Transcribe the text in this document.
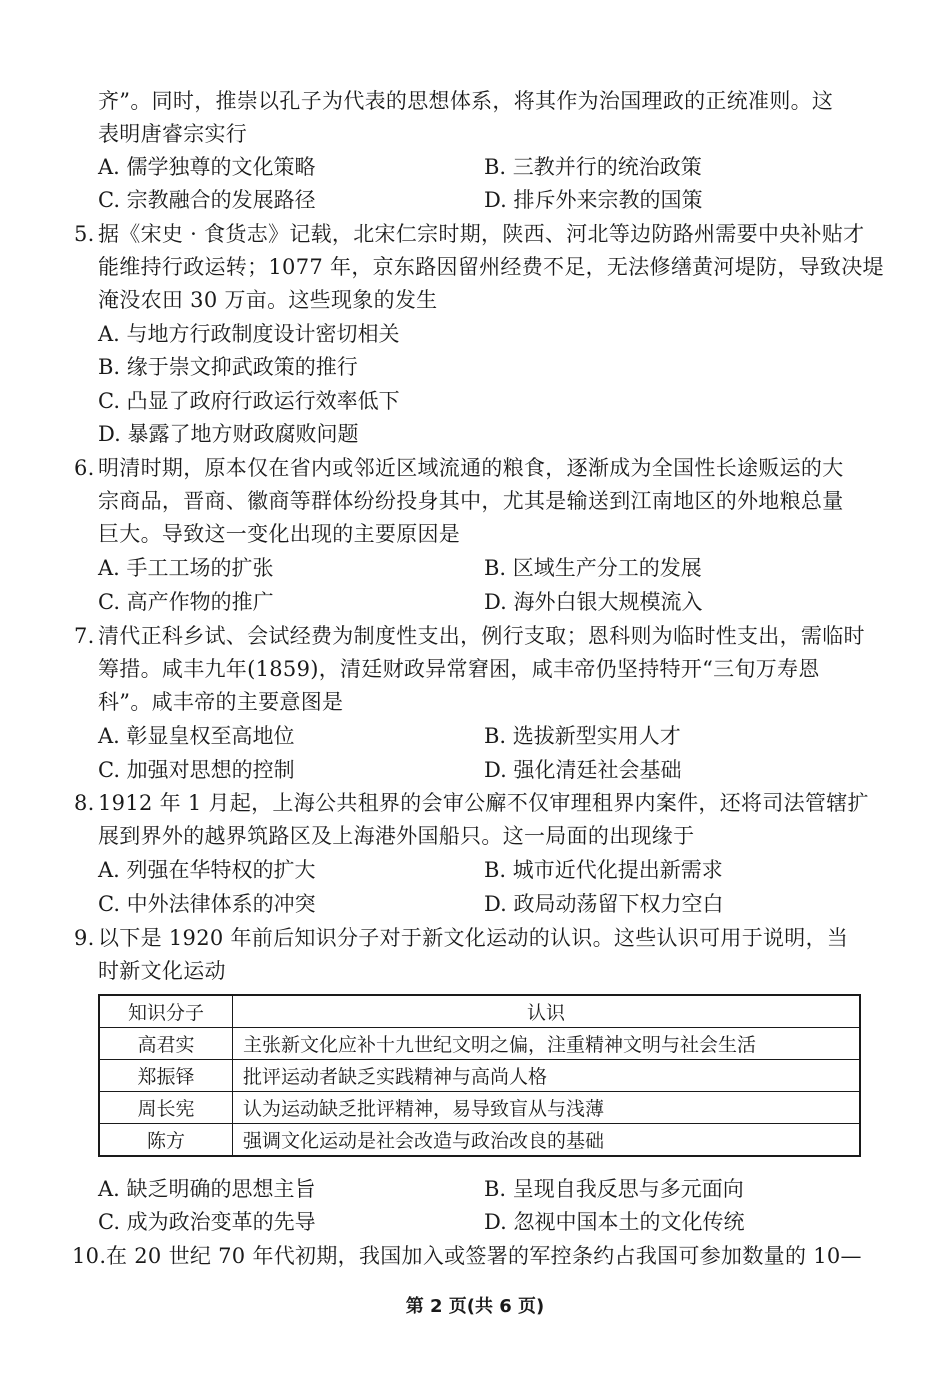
齐”。同时，推崇以孔子为代表的思想体系，将其作为治国理政的正统准则。这
表明唐睿宗实行
A. 儒学独尊的文化策略	B. 三教并行的统治政策
C. 宗教融合的发展路径	D. 排斥外来宗教的国策
5. 据《宋史 · 食货志》记载，北宋仁宗时期，陕西、河北等边防路州需要中央补贴才
能维持行政运转；1077 年，京东路因留州经费不足，无法修缮黄河堤防，导致决堤
淹没农田 30 万亩。这些现象的发生
A. 与地方行政制度设计密切相关
B. 缘于崇文抑武政策的推行
C. 凸显了政府行政运行效率低下
D. 暴露了地方财政腐败问题
6. 明清时期，原本仅在省内或邻近区域流通的粮食，逐渐成为全国性长途贩运的大
宗商品，晋商、徽商等群体纷纷投身其中，尤其是输送到江南地区的外地粮总量
巨大。导致这一变化出现的主要原因是
A. 手工工场的扩张	B. 区域生产分工的发展
C. 高产作物的推广	D. 海外白银大规模流入
7. 清代正科乡试、会试经费为制度性支出，例行支取；恩科则为临时性支出，需临时
筹措。咸丰九年(1859)，清廷财政异常窘困，咸丰帝仍坚持特开“三旬万寿恩
科”。咸丰帝的主要意图是
A. 彰显皇权至高地位	B. 选拔新型实用人才
C. 加强对思想的控制	D. 强化清廷社会基础
8. 1912 年 1 月起，上海公共租界的会审公廨不仅审理租界内案件，还将司法管辖扩
展到界外的越界筑路区及上海港外国船只。这一局面的出现缘于
A. 列强在华特权的扩大	B. 城市近代化提出新需求
C. 中外法律体系的冲突	D. 政局动荡留下权力空白
9. 以下是 1920 年前后知识分子对于新文化运动的认识。这些认识可用于说明，当
时新文化运动
知识分子	认识
高君实	主张新文化应补十九世纪文明之偏，注重精神文明与社会生活
郑振铎	批评运动者缺乏实践精神与高尚人格
周长宪	认为运动缺乏批评精神，易导致盲从与浅薄
陈方	强调文化运动是社会改造与政治改良的基础
A. 缺乏明确的思想主旨	B. 呈现自我反思与多元面向
C. 成为政治变革的先导	D. 忽视中国本土的文化传统
10. 在 20 世纪 70 年代初期，我国加入或签署的军控条约占我国可参加数量的 10—
第 2 页(共 6 页)
